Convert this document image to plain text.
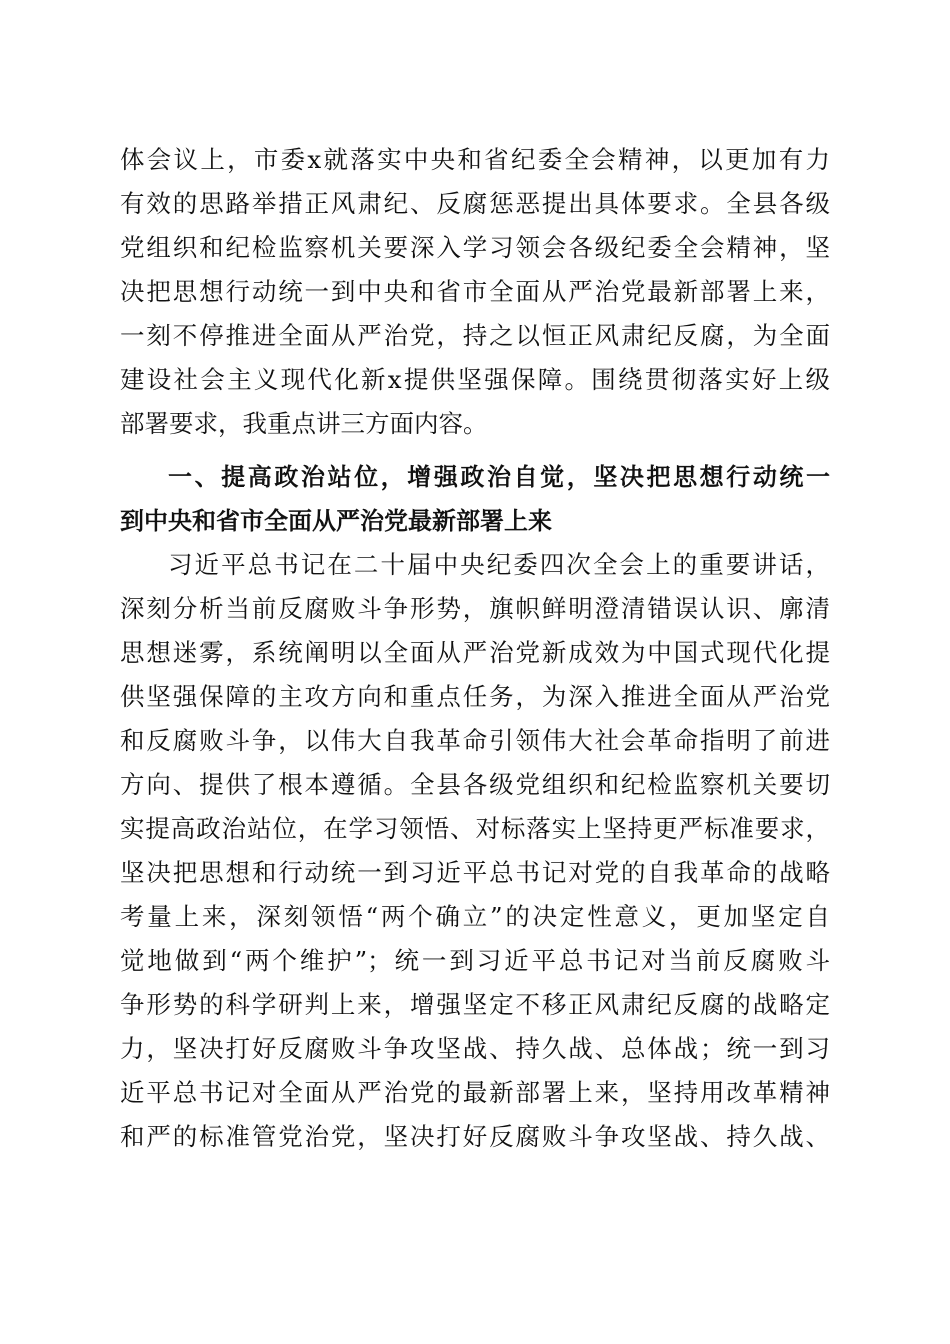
体会议上，市委x就落实中央和省纪委全会精神，以更加有力
有效的思路举措正风肃纪、反腐惩恶提出具体要求。全县各级
党组织和纪检监察机关要深入学习领会各级纪委全会精神，坚
决把思想行动统一到中央和省市全面从严治党最新部署上来，
一刻不停推进全面从严治党，持之以恒正风肃纪反腐，为全面
建设社会主义现代化新x提供坚强保障。围绕贯彻落实好上级
部署要求，我重点讲三方面内容。
一、提高政治站位，增强政治自觉，坚决把思想行动统一
到中央和省市全面从严治党最新部署上来
习近平总书记在二十届中央纪委四次全会上的重要讲话，
深刻分析当前反腐败斗争形势，旗帜鲜明澄清错误认识、廓清
思想迷雾，系统阐明以全面从严治党新成效为中国式现代化提
供坚强保障的主攻方向和重点任务，为深入推进全面从严治党
和反腐败斗争，以伟大自我革命引领伟大社会革命指明了前进
方向、提供了根本遵循。全县各级党组织和纪检监察机关要切
实提高政治站位，在学习领悟、对标落实上坚持更严标准要求，
坚决把思想和行动统一到习近平总书记对党的自我革命的战略
考量上来，深刻领悟“两个确立”的决定性意义，更加坚定自
觉地做到“两个维护”；统一到习近平总书记对当前反腐败斗
争形势的科学研判上来，增强坚定不移正风肃纪反腐的战略定
力，坚决打好反腐败斗争攻坚战、持久战、总体战；统一到习
近平总书记对全面从严治党的最新部署上来，坚持用改革精神
和严的标准管党治党，坚决打好反腐败斗争攻坚战、持久战、
